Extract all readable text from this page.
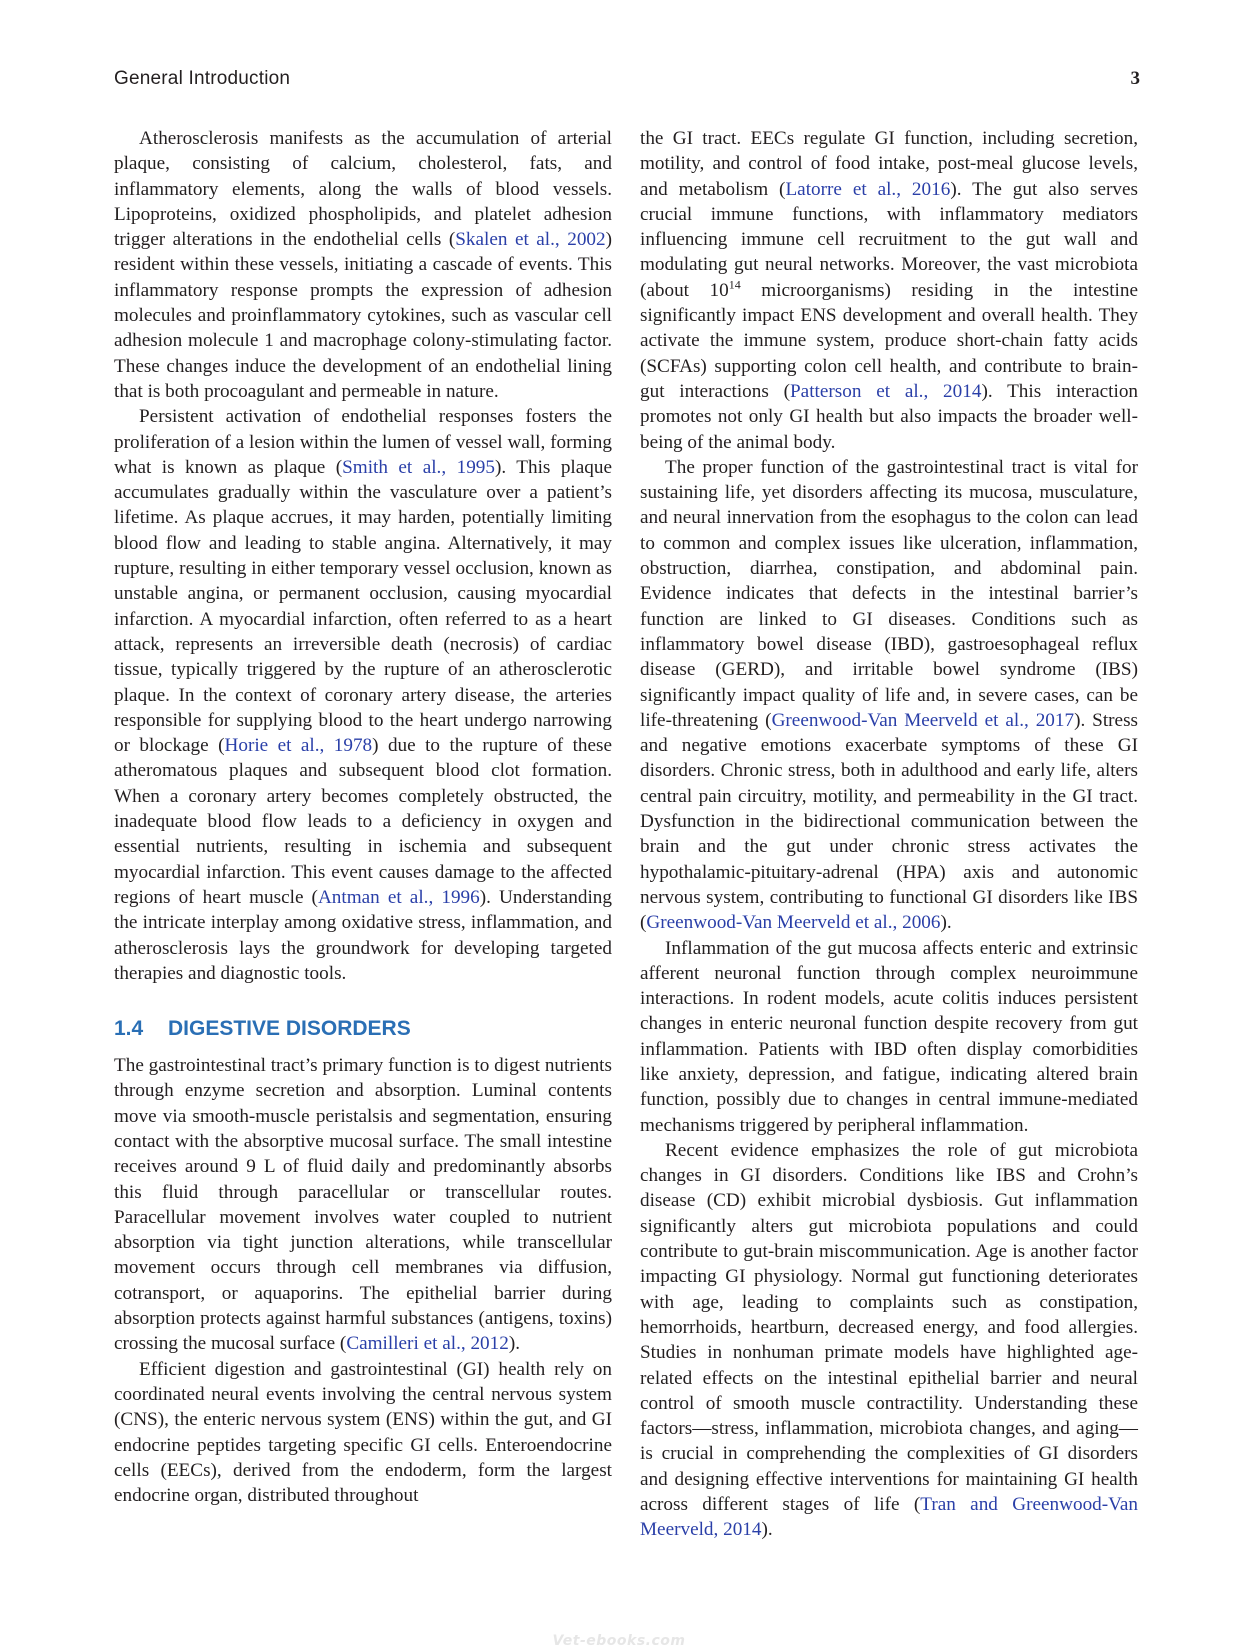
General Introduction	3

Atherosclerosis manifests as the accumulation of arterial plaque, consisting of calcium, cholesterol, fats, and inflammatory elements, along the walls of blood vessels. Lipoproteins, oxidized phospholipids, and platelet adhesion trigger alterations in the endothelial cells (Skalen et al., 2002) resident within these vessels, initiating a cascade of events. This inflammatory response prompts the expression of adhesion molecules and proinflammatory cytokines, such as vascular cell adhesion molecule 1 and macrophage colony-stimulating factor. These changes induce the development of an endothelial lining that is both procoagulant and permeable in nature.

Persistent activation of endothelial responses fosters the proliferation of a lesion within the lumen of vessel wall, forming what is known as plaque (Smith et al., 1995). This plaque accumulates gradually within the vasculature over a patient’s lifetime. As plaque accrues, it may harden, potentially limiting blood flow and leading to stable angina. Alternatively, it may rupture, resulting in either temporary vessel occlusion, known as unstable angina, or permanent occlusion, causing myocardial infarction. A myocardial infarction, often referred to as a heart attack, represents an irreversible death (necrosis) of cardiac tissue, typically triggered by the rupture of an atherosclerotic plaque. In the context of coronary artery disease, the arteries responsible for supplying blood to the heart undergo narrowing or blockage (Horie et al., 1978) due to the rupture of these atheromatous plaques and subsequent blood clot formation. When a coronary artery becomes completely obstructed, the inadequate blood flow leads to a deficiency in oxygen and essential nutrients, resulting in ischemia and subsequent myocardial infarction. This event causes damage to the affected regions of heart muscle (Antman et al., 1996). Understanding the intricate interplay among oxidative stress, inflammation, and atherosclerosis lays the groundwork for developing targeted therapies and diagnostic tools.

1.4 DIGESTIVE DISORDERS

The gastrointestinal tract’s primary function is to digest nutrients through enzyme secretion and absorption. Luminal contents move via smooth-muscle peristalsis and segmentation, ensuring contact with the absorptive mucosal surface. The small intestine receives around 9 L of fluid daily and predominantly absorbs this fluid through paracellular or transcellular routes. Paracellular movement involves water coupled to nutrient absorption via tight junction alterations, while transcellular movement occurs through cell membranes via diffusion, cotransport, or aquaporins. The epithelial barrier during absorption protects against harmful substances (antigens, toxins) crossing the mucosal surface (Camilleri et al., 2012).

Efficient digestion and gastrointestinal (GI) health rely on coordinated neural events involving the central nervous system (CNS), the enteric nervous system (ENS) within the gut, and GI endocrine peptides targeting specific GI cells. Enteroendocrine cells (EECs), derived from the endoderm, form the largest endocrine organ, distributed throughout

the GI tract. EECs regulate GI function, including secretion, motility, and control of food intake, post-meal glucose levels, and metabolism (Latorre et al., 2016). The gut also serves crucial immune functions, with inflammatory mediators influencing immune cell recruitment to the gut wall and modulating gut neural networks. Moreover, the vast microbiota (about $10^{14}$ microorganisms) residing in the intestine significantly impact ENS development and overall health. They activate the immune system, produce short-chain fatty acids (SCFAs) supporting colon cell health, and contribute to brain-gut interactions (Patterson et al., 2014). This interaction promotes not only GI health but also impacts the broader well-being of the animal body.

The proper function of the gastrointestinal tract is vital for sustaining life, yet disorders affecting its mucosa, musculature, and neural innervation from the esophagus to the colon can lead to common and complex issues like ulceration, inflammation, obstruction, diarrhea, constipation, and abdominal pain. Evidence indicates that defects in the intestinal barrier’s function are linked to GI diseases. Conditions such as inflammatory bowel disease (IBD), gastroesophageal reflux disease (GERD), and irritable bowel syndrome (IBS) significantly impact quality of life and, in severe cases, can be life-threatening (Greenwood-Van Meerveld et al., 2017). Stress and negative emotions exacerbate symptoms of these GI disorders. Chronic stress, both in adulthood and early life, alters central pain circuitry, motility, and permeability in the GI tract. Dysfunction in the bidirectional communication between the brain and the gut under chronic stress activates the hypothalamic-pituitary-adrenal (HPA) axis and autonomic nervous system, contributing to functional GI disorders like IBS (Greenwood-Van Meerveld et al., 2006).

Inflammation of the gut mucosa affects enteric and extrinsic afferent neuronal function through complex neuroimmune interactions. In rodent models, acute colitis induces persistent changes in enteric neuronal function despite recovery from gut inflammation. Patients with IBD often display comorbidities like anxiety, depression, and fatigue, indicating altered brain function, possibly due to changes in central immune-mediated mechanisms triggered by peripheral inflammation.

Recent evidence emphasizes the role of gut microbiota changes in GI disorders. Conditions like IBS and Crohn’s disease (CD) exhibit microbial dysbiosis. Gut inflammation significantly alters gut microbiota populations and could contribute to gut-brain miscommunication. Age is another factor impacting GI physiology. Normal gut functioning deteriorates with age, leading to complaints such as constipation, hemorrhoids, heartburn, decreased energy, and food allergies. Studies in nonhuman primate models have highlighted age-related effects on the intestinal epithelial barrier and neural control of smooth muscle contractility. Understanding these factors—stress, inflammation, microbiota changes, and aging—is crucial in comprehending the complexities of GI disorders and designing effective interventions for maintaining GI health across different stages of life (Tran and Greenwood-Van Meerveld, 2014).

Vet-ebooks.com
